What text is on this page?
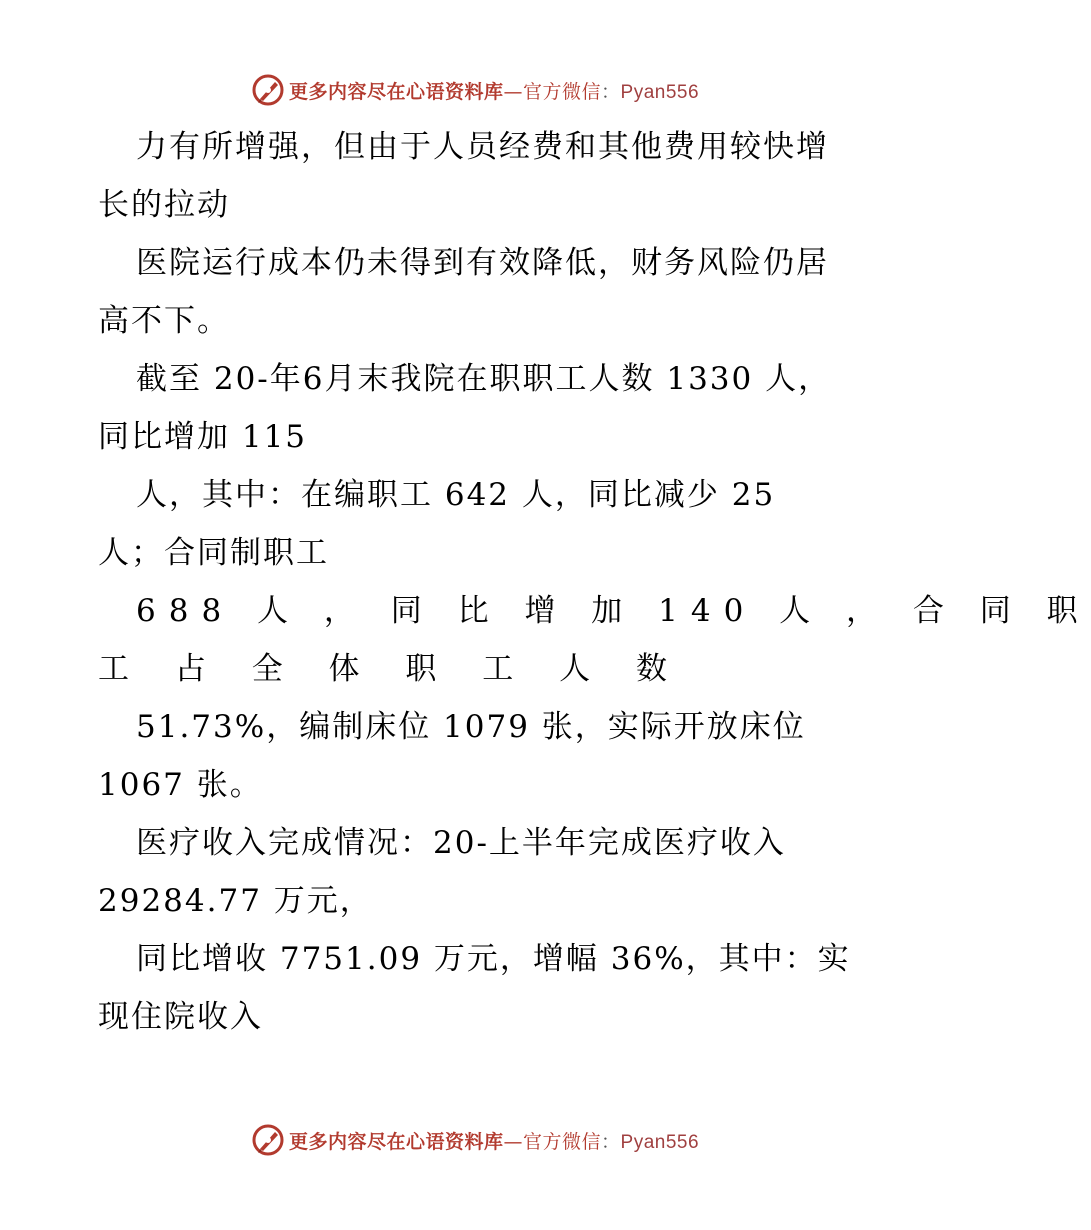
更多内容尽在心语资料库—官方微信：Pyan556
力有所增强，但由于人员经费和其他费用较快增
长的拉动
医院运行成本仍未得到有效降低，财务风险仍居
高不下。
截至 20-年6月末我院在职职工人数 1330 人，
同比增加 115
人，其中：在编职工 642 人，同比减少 25
人；合同制职工
688 人 ， 同 比 增 加 140 人 ， 合 同 职
工 占 全 体 职 工 人 数
51.73%，编制床位 1079 张，实际开放床位
1067 张。
医疗收入完成情况：20-上半年完成医疗收入
29284.77 万元，
同比增收 7751.09 万元，增幅 36%，其中：实
现住院收入
更多内容尽在心语资料库—官方微信：Pyan556
